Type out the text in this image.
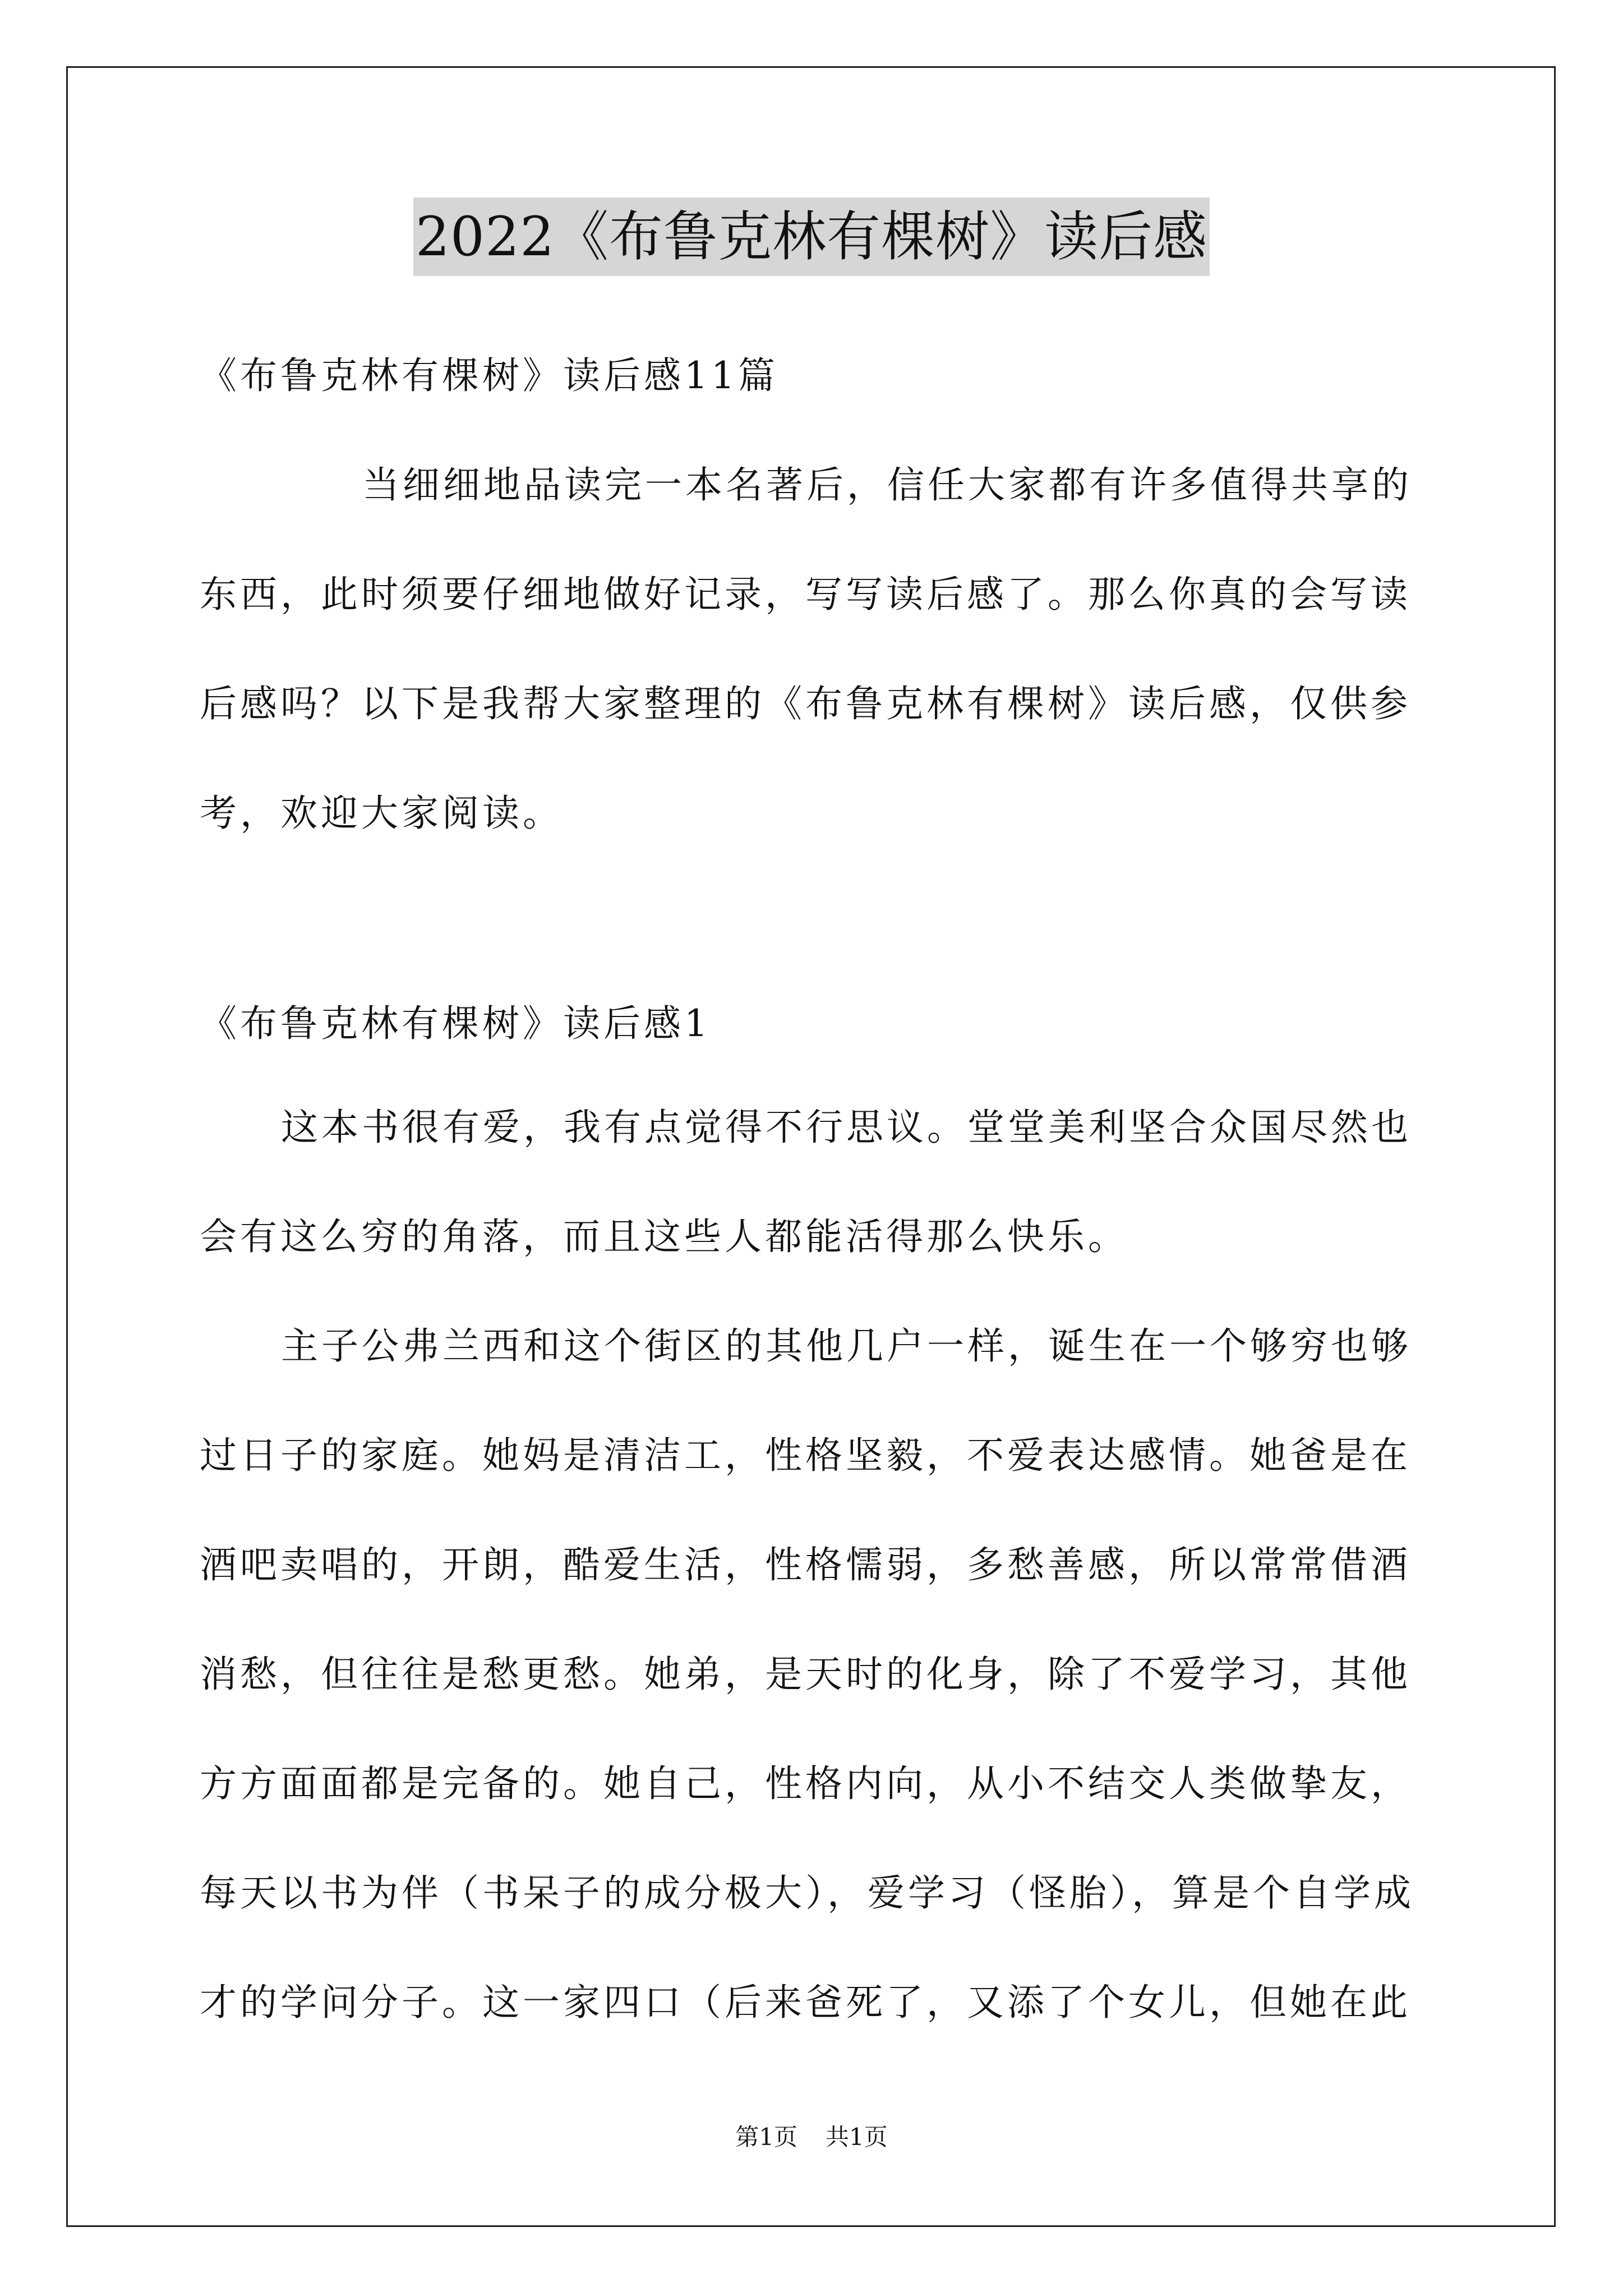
2022《布鲁克林有棵树》读后感
《布鲁克林有棵树》读后感11篇
当细细地品读完一本名著后，信任大家都有许多值得共享的
东西，此时须要仔细地做好记录，写写读后感了。那么你真的会写读
后感吗？以下是我帮大家整理的《布鲁克林有棵树》读后感，仅供参
考，欢迎大家阅读。
《布鲁克林有棵树》读后感1
这本书很有爱，我有点觉得不行思议。堂堂美利坚合众国尽然也
会有这么穷的角落，而且这些人都能活得那么快乐。
主子公弗兰西和这个街区的其他几户一样，诞生在一个够穷也够
过日子的家庭。她妈是清洁工，性格坚毅，不爱表达感情。她爸是在
酒吧卖唱的，开朗，酷爱生活，性格懦弱，多愁善感，所以常常借酒
消愁，但往往是愁更愁。她弟，是天时的化身，除了不爱学习，其他
方方面面都是完备的。她自己，性格内向，从小不结交人类做挚友，
每天以书为伴（书呆子的成分极大），爱学习（怪胎），算是个自学成
才的学问分子。这一家四口（后来爸死了，又添了个女儿，但她在此
第1页 共1页
